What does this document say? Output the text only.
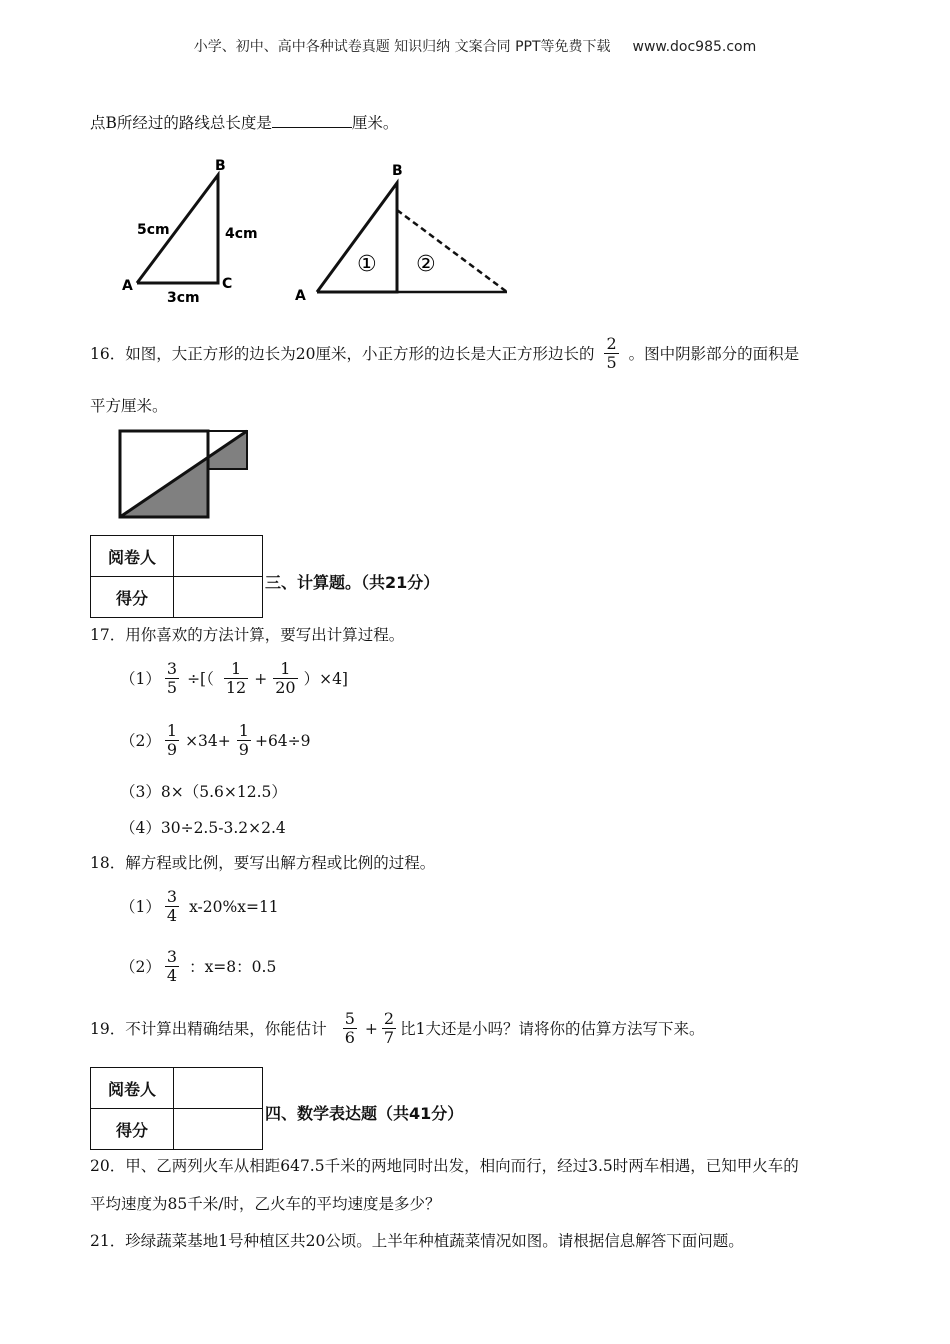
小学、初中、高中各种试卷真题 知识归纳 文案合同 PPT等免费下载 www.doc985.com
点B所经过的路线总长度是	厘米。
B
A	C
5cm	4cm
3cm
B
A
① ②
16．如图，大正方形的边长为20厘米，小正方形的边长是大正方形边长的 $\frac{2}{5}$ 。图中阴影部分的面积是
平方厘米。
阅卷人	
得分	
三、计算题。（共21分）
17．用你喜欢的方法计算，要写出计算过程。
$(1) \frac{3}{5}$ ÷[（ $\frac{1}{12} + \frac{1}{20} )\times 4$]
$(2) \frac{1}{9} \times 34+ \frac{1}{9} +64\div 9$
（3）8×（5.6×12.5）
（4）30÷2.5-3.2×2.4
18．解方程或比例，要写出解方程或比例的过程。
$(1) \frac{3}{4} x-20\%x=11$
$(2) \frac{3}{4}$ ：x=8：0.5
19．不计算出精确结果，你能估计 $\frac{5}{6} + \frac{2}{7}$ 比1大还是小吗？请将你的估算方法写下来。
阅卷人	
得分	
四、数学表达题（共41分）
20．甲、乙两列火车从相距647.5千米的两地同时出发，相向而行，经过3.5时两车相遇，已知甲火车的
平均速度为85千米/时，乙火车的平均速度是多少？
21．珍绿蔬菜基地1号种植区共20公顷。上半年种植蔬菜情况如图。请根据信息解答下面问题。
